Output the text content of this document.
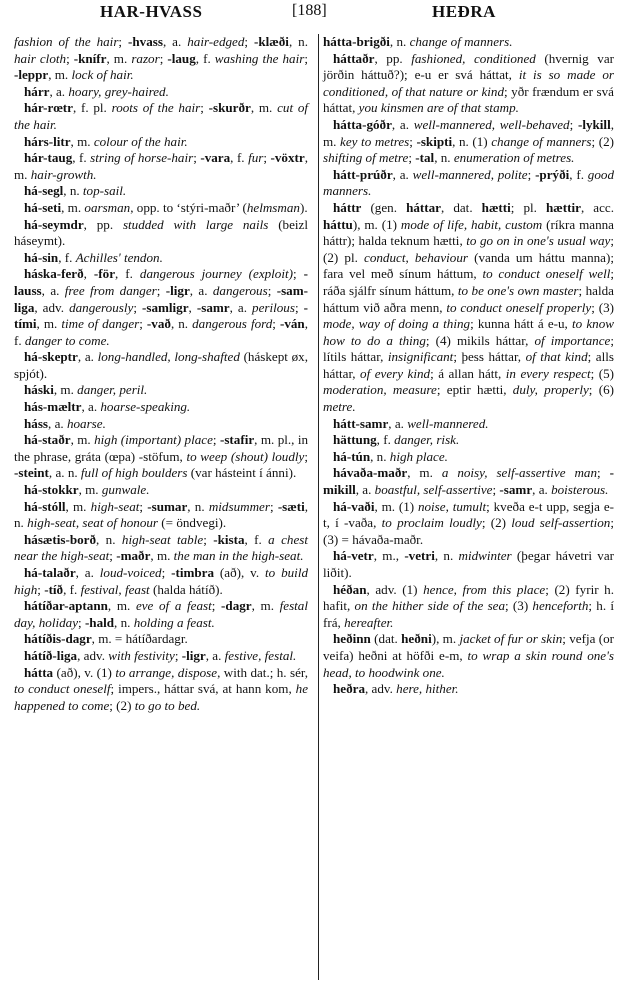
HAR-HVASS	[188]	HEĐRA

fashion of the hair; -hvass, a. hair-edged; -klæði, n. hair cloth; -knífr, m. razor; -laug, f. washing the hair; -leppr, m. lock of hair.

hárr, a. hoary, grey-haired.

hár-rœtr, f. pl. roots of the hair; -skurðr, m. cut of the hair.

hárs-litr, m. colour of the hair.

hár-taug, f. string of horse-hair; -vara, f. fur; -vöxtr, m. hair-growth.

há-segl, n. top-sail.

há-seti, m. oarsman, opp. to ‘stýri-maðr’ (helmsman).

há-seymdr, pp. studded with large nails (beizl háseymt).

há-sin, f. Achilles' tendon.

háska-ferð, -för, f. dangerous journey (exploit); -lauss, a. free from danger; -ligr, a. dangerous; -sam-liga, adv. dangerously; -samligr, -samr, a. perilous; -tími, m. time of danger; -vað, n. dangerous ford; -ván, f. danger to come.

há-skeptr, a. long-handled, long-shafted (háskept øx, spjót).

háski, m. danger, peril.

hás-mæltr, a. hoarse-speaking.

háss, a. hoarse.

há-staðr, m. high (important) place; -stafir, m. pl., in the phrase, gráta (œpa) -stöfum, to weep (shout) loudly; -steint, a. n. full of high boulders (var hásteint í ánni).

há-stokkr, m. gunwale.

há-stóll, m. high-seat; -sumar, n. midsummer; -sæti, n. high-seat, seat of honour (= öndvegi).

hásætis-borð, n. high-seat table; -kista, f. a chest near the high-seat; -maðr, m. the man in the high-seat.

há-talaðr, a. loud-voiced; -timbra (að), v. to build high; -tíð, f. festival, feast (halda hátíð).

hátíðar-aptann, m. eve of a feast; -dagr, m. festal day, holiday; -hald, n. holding a feast.

hátíðis-dagr, m. = hátíðardagr.

hátíð-liga, adv. with festivity; -ligr, a. festive, festal.

hátta (að), v. (1) to arrange, dispose, with dat.; h. sér, to conduct oneself; impers., háttar svá, at hann kom, he happened to come; (2) to go to bed.

hátta-brigði, n. change of manners.

háttaðr, pp. fashioned, conditioned (hvernig var jörðin háttuð?); e-u er svá háttat, it is so made or conditioned, of that nature or kind; yðr frændum er svá háttat, you kinsmen are of that stamp.

hátta-góðr, a. well-mannered, well-behaved; -lykill, m. key to metres; -skipti, n. (1) change of manners; (2) shifting of metre; -tal, n. enumeration of metres.

hátt-prúðr, a. well-mannered, polite; -prýði, f. good manners.

háttr (gen. háttar, dat. hætti; pl. hættir, acc. háttu), m. (1) mode of life, habit, custom (ríkra manna háttr); halda teknum hætti, to go on in one's usual way; (2) pl. conduct, behaviour (vanda um háttu manna); fara vel með sínum háttum, to conduct oneself well; ráða sjálfr sínum háttum, to be one's own master; halda háttum við aðra menn, to conduct oneself properly; (3) mode, way of doing a thing; kunna hátt á e-u, to know how to do a thing; (4) mikils háttar, of importance; lítils háttar, insignificant; þess háttar, of that kind; alls háttar, of every kind; á allan hátt, in every respect; (5) moderation, measure; eptir hætti, duly, properly; (6) metre.

hátt-samr, a. well-mannered.

hättung, f. danger, risk.

há-tún, n. high place.

hávaða-maðr, m. a noisy, self-assertive man; -mikill, a. boastful, self-assertive; -samr, a. boisterous.

há-vaði, m. (1) noise, tumult; kveða e-t upp, segja e-t, í -vaða, to proclaim loudly; (2) loud self-assertion; (3) = hávaða-maðr.

há-vetr, m., -vetri, n. midwinter (þegar hávetri var liðit).

héðan, adv. (1) hence, from this place; (2) fyrir h. hafit, on the hither side of the sea; (3) henceforth; h. í frá, hereafter.

heðinn (dat. heðni), m. jacket of fur or skin; vefja (or veifa) heðni at höfði e-m, to wrap a skin round one's head, to hoodwink one.

heðra, adv. here, hither.
